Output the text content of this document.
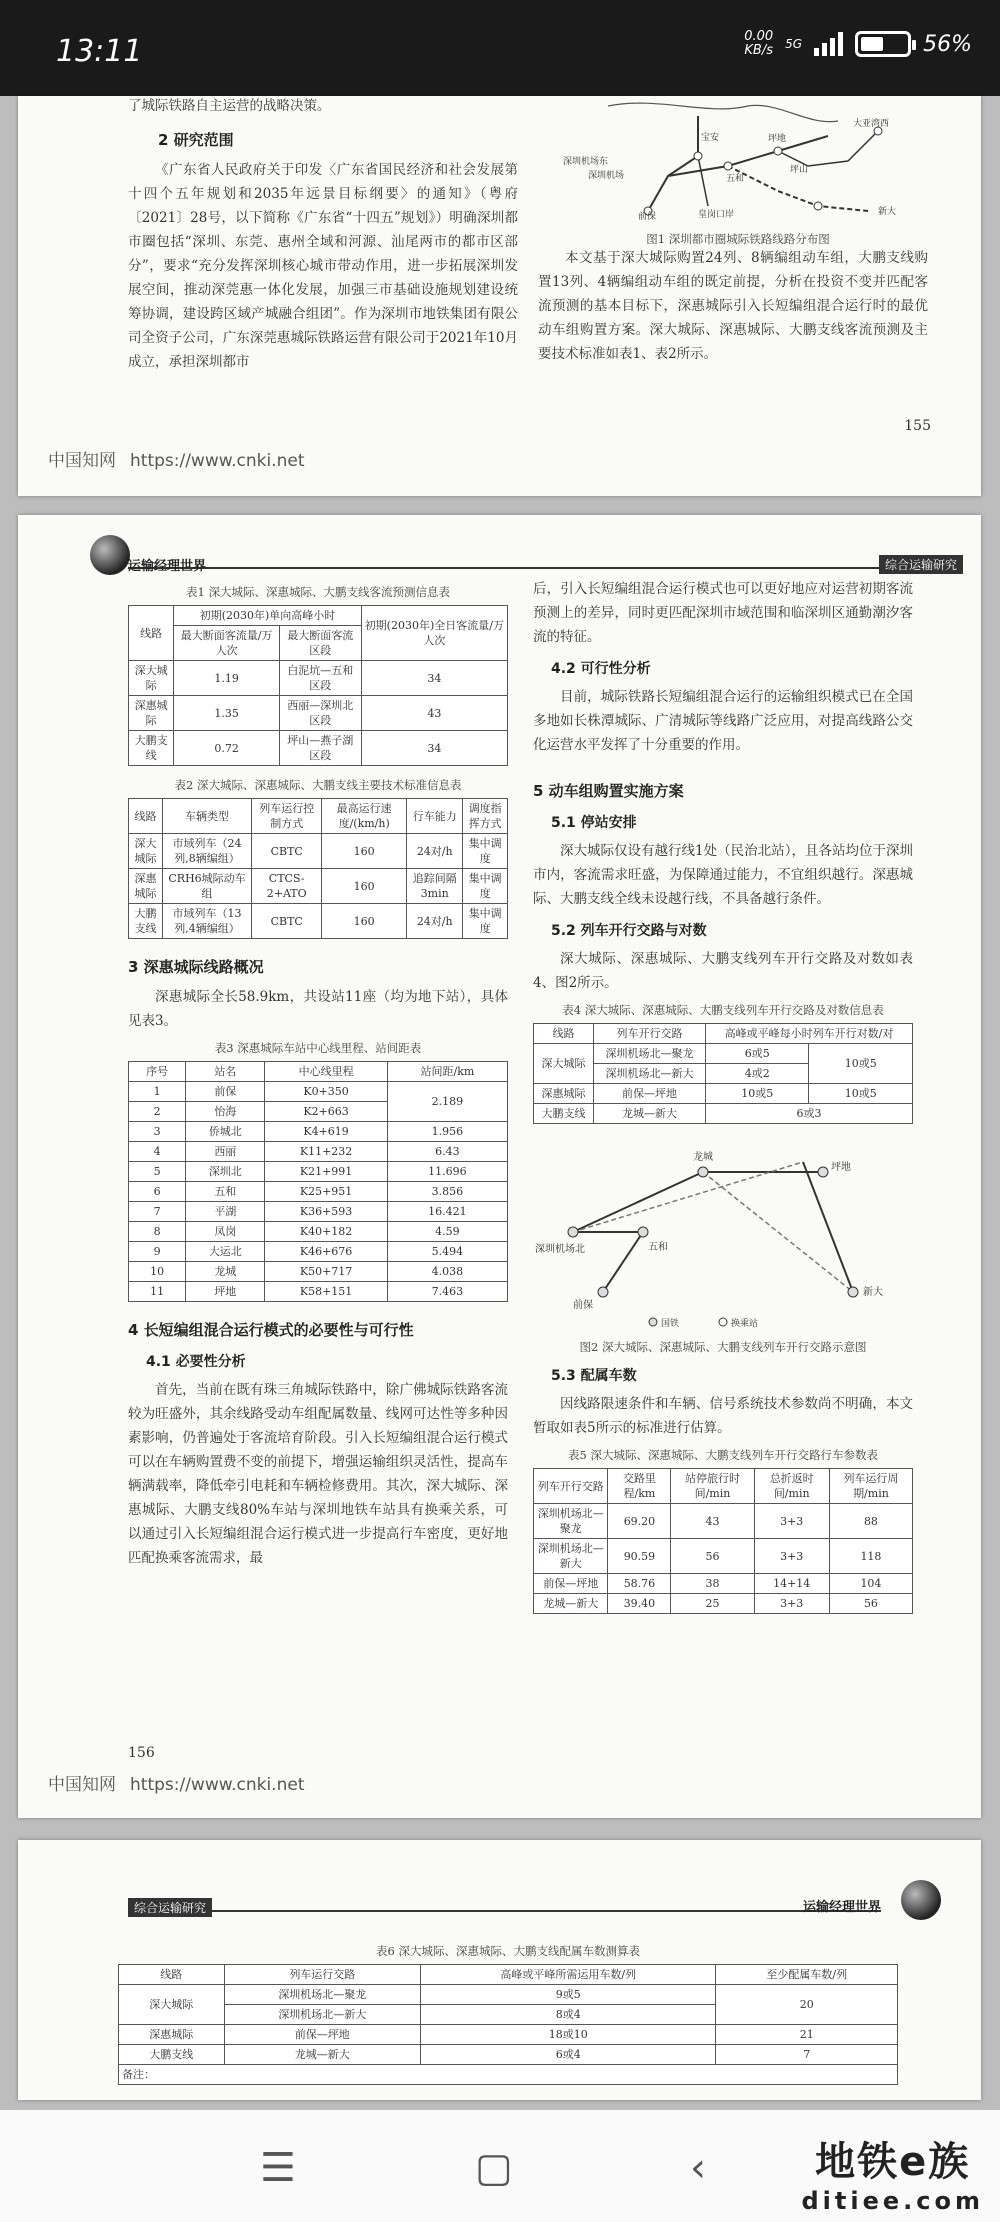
13:11	0.00
KB/s 5G	56%

了城际铁路自主运营的战略决策。

2 研究范围

《广东省人民政府关于印发〈广东省国民经济和社会发展第十四个五年规划和2035年远景目标纲要〉的通知》（粤府〔2021〕28号，以下简称《广东省“十四五”规划》）明确深圳都市圈包括“深圳、东莞、惠州全域和河源、汕尾两市的都市区部分”，要求“充分发挥深圳核心城市带动作用，进一步拓展深圳发展空间，推动深莞惠一体化发展，加强三市基础设施规划建设统筹协调，建设跨区域产城融合组团”。作为深圳市地铁集团有限公司全资子公司，广东深莞惠城际铁路运营有限公司于2021年10月成立，承担深圳都市

前保
宝安
深圳机场东
深圳机场	五和
坪山
大亚湾西
新大
皇岗口岸
坪地
图1 深圳都市圈城际铁路线路分布图

本文基于深大城际购置24列、8辆编组动车组，大鹏支线购置13列、4辆编组动车组的既定前提，分析在投资不变并匹配客流预测的基本目标下，深惠城际引入长短编组混合运行时的最优动车组购置方案。深大城际、深惠城际、大鹏支线客流预测及主要技术标准如表1、表2所示。

155
中国知网 https://www.cnki.net
运输经理世界	综合运输研究
表1 深大城际、深惠城际、大鹏支线客流预测信息表
线路	初期(2030年)单向高峰小时		初期(2030年)全日客流量/万人次
	最大断面客流量/万人次	最大断面客流区段	
深大城际	1.19	白泥坑—五和区段	34
深惠城际	1.35	西丽—深圳北区段	43
大鹏支线	0.72	坪山—燕子湖区段	34
表2 深大城际、深惠城际、大鹏支线主要技术标准信息表
线路	车辆类型	列车运行控制方式	最高运行速度/(km/h)	行车能力	调度指挥方式
深大城际	市域列车（24列,8辆编组）	CBTC	160	24对/h	集中调度
深惠城际	CRH6城际动车组	CTCS-2+ATO	160	追踪间隔3min	集中调度
大鹏支线	市域列车（13列,4辆编组）	CBTC	160	24对/h	集中调度
3 深惠城际线路概况

深惠城际全长58.9km，共设站11座（均为地下站），具体见表3。

表3 深惠城际车站中心线里程、站间距表
序号	站名	中心线里程	站间距/km
1	前保	K0+350	2.189
2	怡海	K2+663	
3	侨城北	K4+619	1.956
4	西丽	K11+232	6.43
5	深圳北	K21+991	11.696
6	五和	K25+951	3.856
7	平湖	K36+593	16.421
8	凤岗	K40+182	4.59
9	大运北	K46+676	5.494
10	龙城	K50+717	4.038
11	坪地	K58+151	7.463
4 长短编组混合运行模式的必要性与可行性
4.1 必要性分析

首先，当前在既有珠三角城际铁路中，除广佛城际铁路客流较为旺盛外，其余线路受动车组配属数量、线网可达性等多种因素影响，仍普遍处于客流培育阶段。引入长短编组混合运行模式可以在车辆购置费不变的前提下，增强运输组织灵活性，提高车辆满载率，降低牵引电耗和车辆检修费用。其次，深大城际、深惠城际、大鹏支线80%车站与深圳地铁车站具有换乘关系，可以通过引入长短编组混合运行模式进一步提高行车密度，更好地匹配换乘客流需求，最

后，引入长短编组混合运行模式也可以更好地应对运营初期客流预测上的差异，同时更匹配深圳市域范围和临深圳区通勤潮汐客流的特征。

4.2 可行性分析

目前，城际铁路长短编组混合运行的运输组织模式已在全国多地如长株潭城际、广清城际等线路广泛应用，对提高线路公交化运营水平发挥了十分重要的作用。

5 动车组购置实施方案
5.1 停站安排

深大城际仅设有越行线1处（民治北站），且各站均位于深圳市内，客流需求旺盛，为保障通过能力，不宜组织越行。深惠城际、大鹏支线全线未设越行线，不具备越行条件。

5.2 列车开行交路与对数

深大城际、深惠城际、大鹏支线列车开行交路及对数如表4、图2所示。

表4 深大城际、深惠城际、大鹏支线列车开行交路及对数信息表
线路	列车开行交路	高峰或平峰每小时列车开行对数/对	
深大城际	深圳机场北—聚龙	6或5	10或5
	深圳机场北—新大	4或2	
深惠城际	前保—坪地	10或5	10或5
大鹏支线	龙城—新大	6或3	
龙城
坪地
新大
前保
深圳机场北	五和
国铁	换乘站
图2 深大城际、深惠城际、大鹏支线列车开行交路示意图
5.3 配属车数

因线路限速条件和车辆、信号系统技术参数尚不明确，本文暂取如表5所示的标准进行估算。

表5 深大城际、深惠城际、大鹏支线列车开行交路行车参数表
列车开行交路	交路里程/km	站停旅行时间/min	总折返时间/min	列车运行周期/min
深圳机场北—聚龙	69.20	43	3+3	88
深圳机场北—新大	90.59	56	3+3	118
前保—坪地	58.76	38	14+14	104
龙城—新大	39.40	25	3+3	56
156
中国知网 https://www.cnki.net
综合运输研究	运输经理世界
表6 深大城际、深惠城际、大鹏支线配属车数测算表
线路	列车运行交路	高峰或平峰所需运用车数/列	至少配属车数/列
深大城际	深圳机场北—聚龙	9或5	20
	深圳机场北—新大	8或4	
深惠城际	前保—坪地	18或10	21
大鹏支线	龙城—新大	6或4	7
备注：			
☰	▢	‹	地铁e族
ditiee.com
